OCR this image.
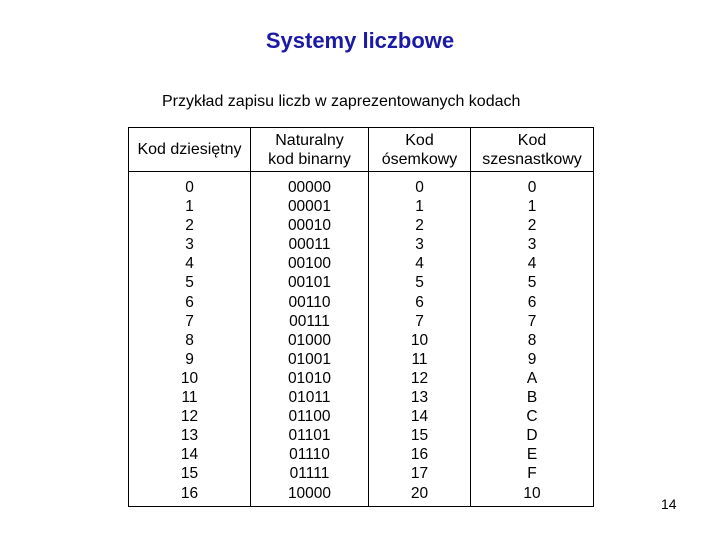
Systemy liczbowe
Przykład zapisu liczb w zaprezentowanych kodach
Kod dziesiętny
Naturalny
kod binarny
Kod
ósemkowy
Kod
szesnastkowy
0
1
2
3
4
5
6
7
8
9
10
11
12
13
14
15
16
00000
00001
00010
00011
00100
00101
00110
00111
01000
01001
01010
01011
01100
01101
01110
01111
10000
0
1
2
3
4
5
6
7
10
11
12
13
14
15
16
17
20
0
1
2
3
4
5
6
7
8
9
A
B
C
D
E
F
10
14
